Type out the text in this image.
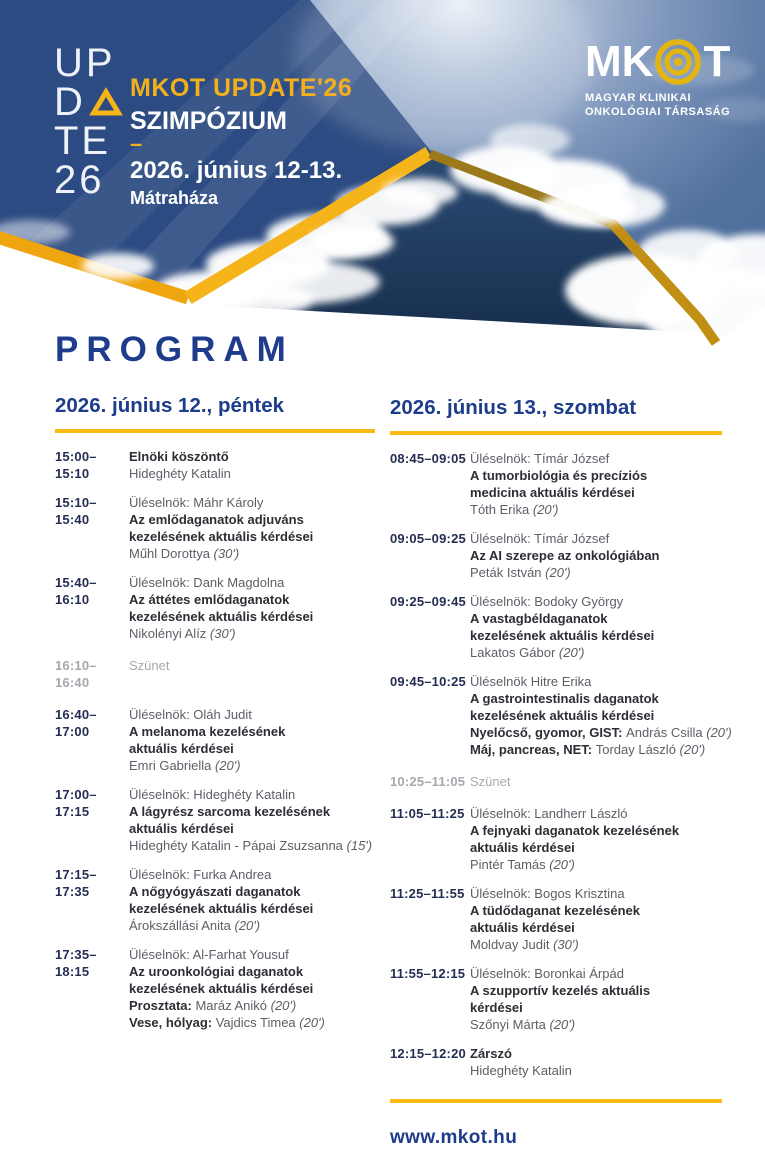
UP
D
TE
26
MKOT UPDATE'26
SZIMPÓZIUM
–
2026. június 12-13.
Mátraháza
MK T
MAGYAR KLINIKAI
ONKOLÓGIAI TÁRSASÁG
PROGRAM
2026. június 12., péntek
15:00–15:10
Elnöki köszöntő
Hideghéty Katalin
15:10–15:40
Üléselnök: Máhr Károly
Az emlődaganatok adjuváns
kezelésének aktuális kérdései
Műhl Dorottya (30')
15:40–16:10
Üléselnök: Dank Magdolna
Az áttétes emlődaganatok
kezelésének aktuális kérdései
Nikolényi Alíz (30')
16:10–16:40
Szünet
16:40–17:00
Üléselnök: Oláh Judit
A melanoma kezelésének
aktuális kérdései
Emri Gabriella (20')
17:00–17:15
Üléselnök: Hideghéty Katalin
A lágyrész sarcoma kezelésének
aktuális kérdései
Hideghéty Katalin - Pápai Zsuzsanna (15')
17:15–17:35
Üléselnök: Furka Andrea
A nőgyógyászati daganatok
kezelésének aktuális kérdései
Árokszállási Anita (20')
17:35–18:15
Üléselnök: Al-Farhat Yousuf
Az uroonkológiai daganatok
kezelésének aktuális kérdései
Prosztata: Maráz Anikó (20')
Vese, hólyag: Vajdics Timea (20')
2026. június 13., szombat
08:45–09:05 Üléselnök: Tímár József
A tumorbiológia és precíziós
medicina aktuális kérdései
Tóth Erika (20')
09:05–09:25 Üléselnök: Tímár József
Az AI szerepe az onkológiában
Peták István (20')
09:25–09:45 Üléselnök: Bodoky György
A vastagbéldaganatok
kezelésének aktuális kérdései
Lakatos Gábor (20')
09:45–10:25 Üléselnök Hitre Erika
A gastrointestinalis daganatok
kezelésének aktuális kérdései
Nyelőcső, gyomor, GIST: András Csilla (20')
Máj, pancreas, NET: Torday László (20')
10:25–11:05 Szünet
11:05–11:25 Üléselnök: Landherr László
A fejnyaki daganatok kezelésének
aktuális kérdései
Pintér Tamás (20')
11:25–11:55 Üléselnök: Bogos Krisztina
A tüdődaganat kezelésének
aktuális kérdései
Moldvay Judit (30')
11:55–12:15 Üléselnök: Boronkai Árpád
A szupportív kezelés aktuális
kérdései
Szőnyi Márta (20')
12:15–12:20 Zárszó
Hideghéty Katalin
www.mkot.hu
